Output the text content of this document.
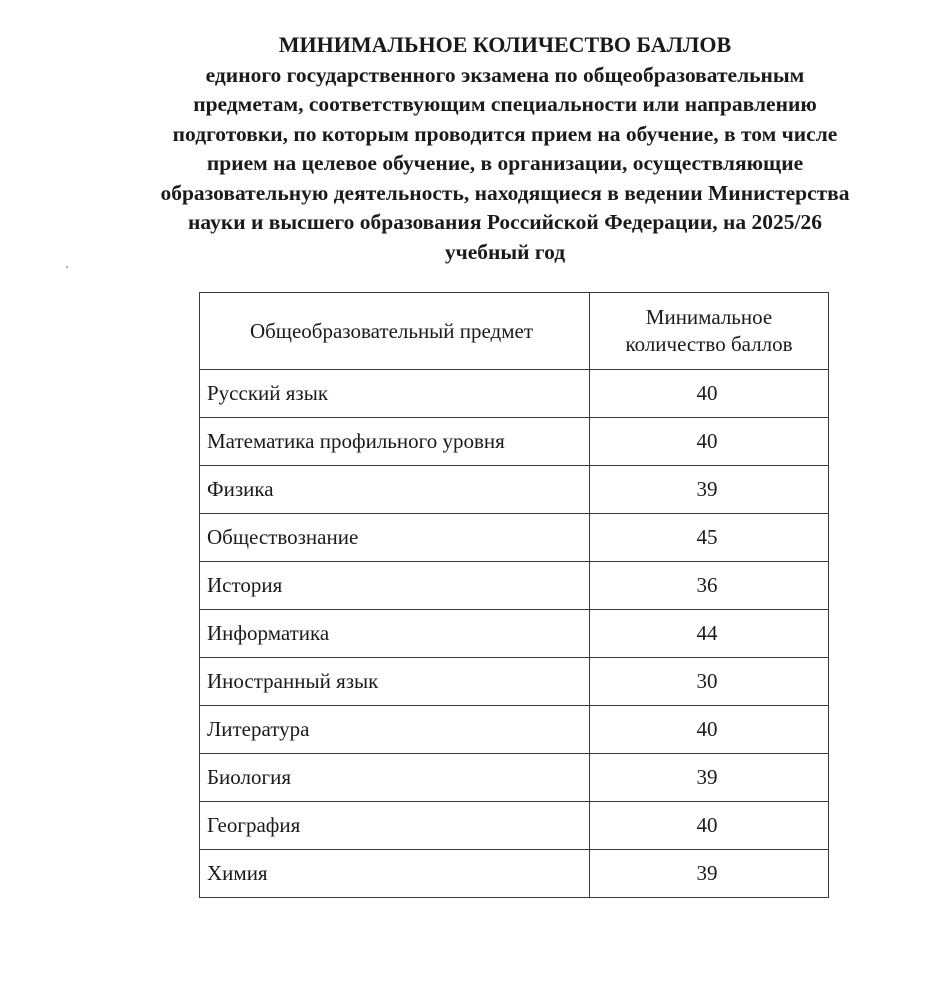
МИНИМАЛЬНОЕ КОЛИЧЕСТВО БАЛЛОВ
единого государственного экзамена по общеобразовательным
предметам, соответствующим специальности или направлению
подготовки, по которым проводится прием на обучение, в том числе
прием на целевое обучение, в организации, осуществляющие
образовательную деятельность, находящиеся в ведении Министерства
науки и высшего образования Российской Федерации, на 2025/26
учебный год
Общеобразовательный предмет	Минимальное
количество баллов
Русский язык	40
Математика профильного уровня	40
Физика	39
Обществознание	45
История	36
Информатика	44
Иностранный язык	30
Литература	40
Биология	39
География	40
Химия	39
